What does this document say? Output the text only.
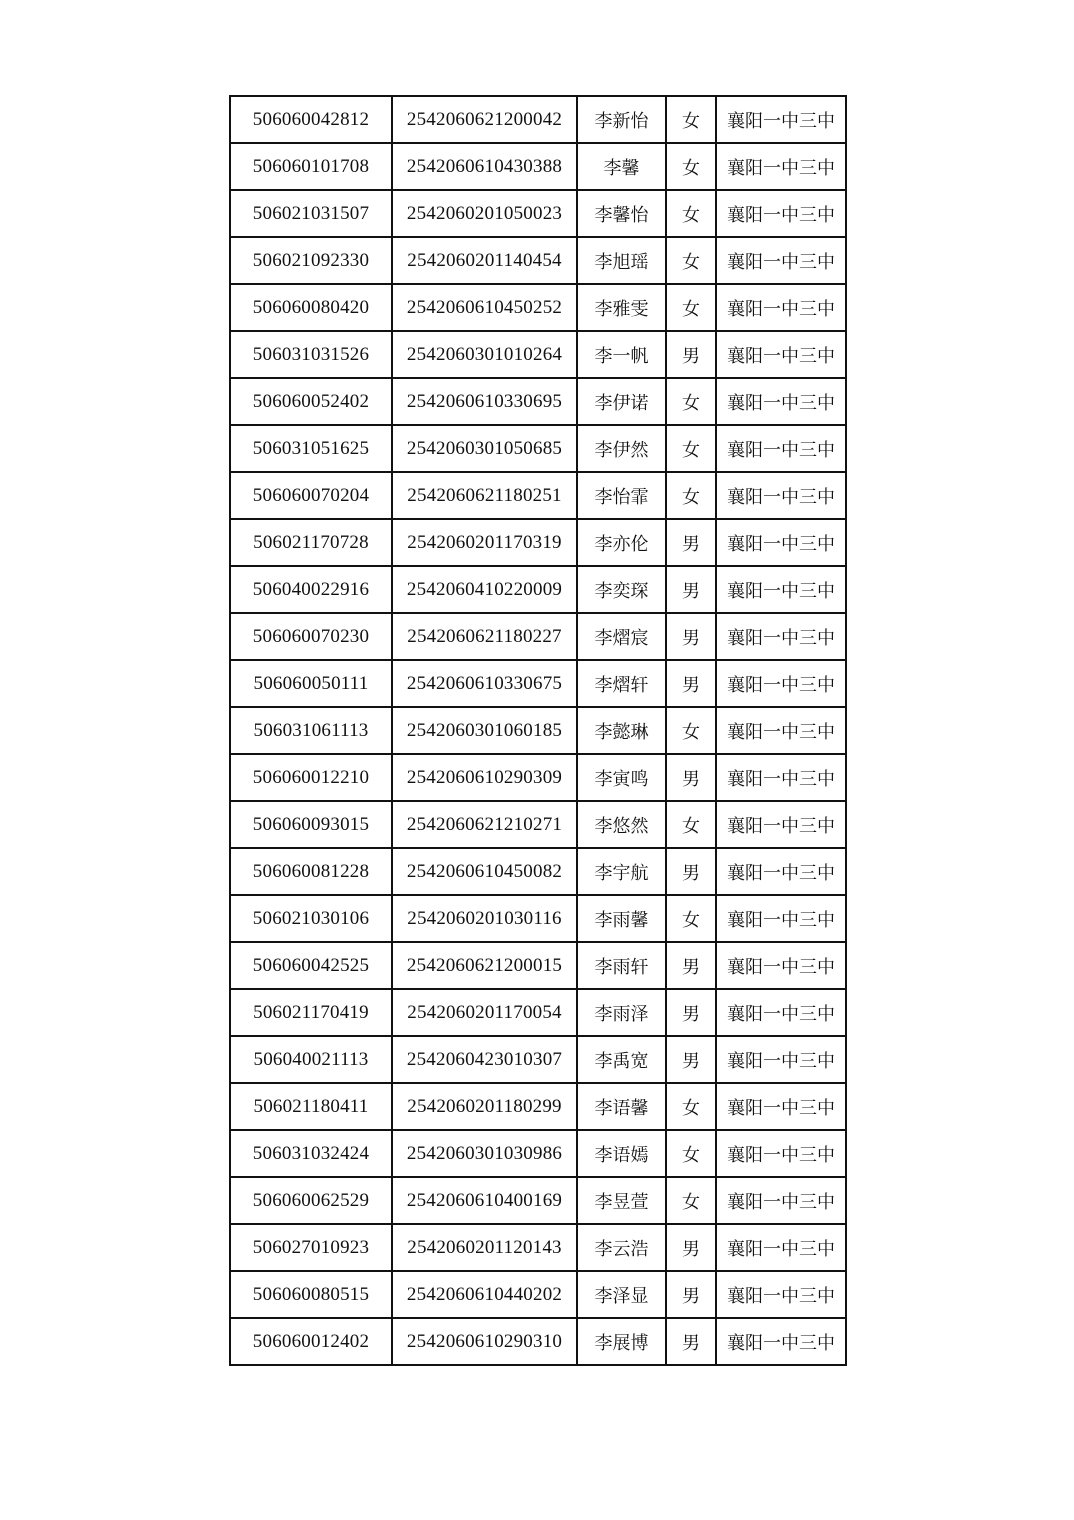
506060042812	2542060621200042	李新怡	女	襄阳一中三中
506060101708	2542060610430388	李馨	女	襄阳一中三中
506021031507	2542060201050023	李馨怡	女	襄阳一中三中
506021092330	2542060201140454	李旭瑶	女	襄阳一中三中
506060080420	2542060610450252	李雅雯	女	襄阳一中三中
506031031526	2542060301010264	李一帆	男	襄阳一中三中
506060052402	2542060610330695	李伊诺	女	襄阳一中三中
506031051625	2542060301050685	李伊然	女	襄阳一中三中
506060070204	2542060621180251	李怡霏	女	襄阳一中三中
506021170728	2542060201170319	李亦伦	男	襄阳一中三中
506040022916	2542060410220009	李奕琛	男	襄阳一中三中
506060070230	2542060621180227	李熠宸	男	襄阳一中三中
506060050111	2542060610330675	李熠轩	男	襄阳一中三中
506031061113	2542060301060185	李懿琳	女	襄阳一中三中
506060012210	2542060610290309	李寅鸣	男	襄阳一中三中
506060093015	2542060621210271	李悠然	女	襄阳一中三中
506060081228	2542060610450082	李宇航	男	襄阳一中三中
506021030106	2542060201030116	李雨馨	女	襄阳一中三中
506060042525	2542060621200015	李雨轩	男	襄阳一中三中
506021170419	2542060201170054	李雨泽	男	襄阳一中三中
506040021113	2542060423010307	李禹宽	男	襄阳一中三中
506021180411	2542060201180299	李语馨	女	襄阳一中三中
506031032424	2542060301030986	李语嫣	女	襄阳一中三中
506060062529	2542060610400169	李昱萱	女	襄阳一中三中
506027010923	2542060201120143	李云浩	男	襄阳一中三中
506060080515	2542060610440202	李泽显	男	襄阳一中三中
506060012402	2542060610290310	李展博	男	襄阳一中三中
